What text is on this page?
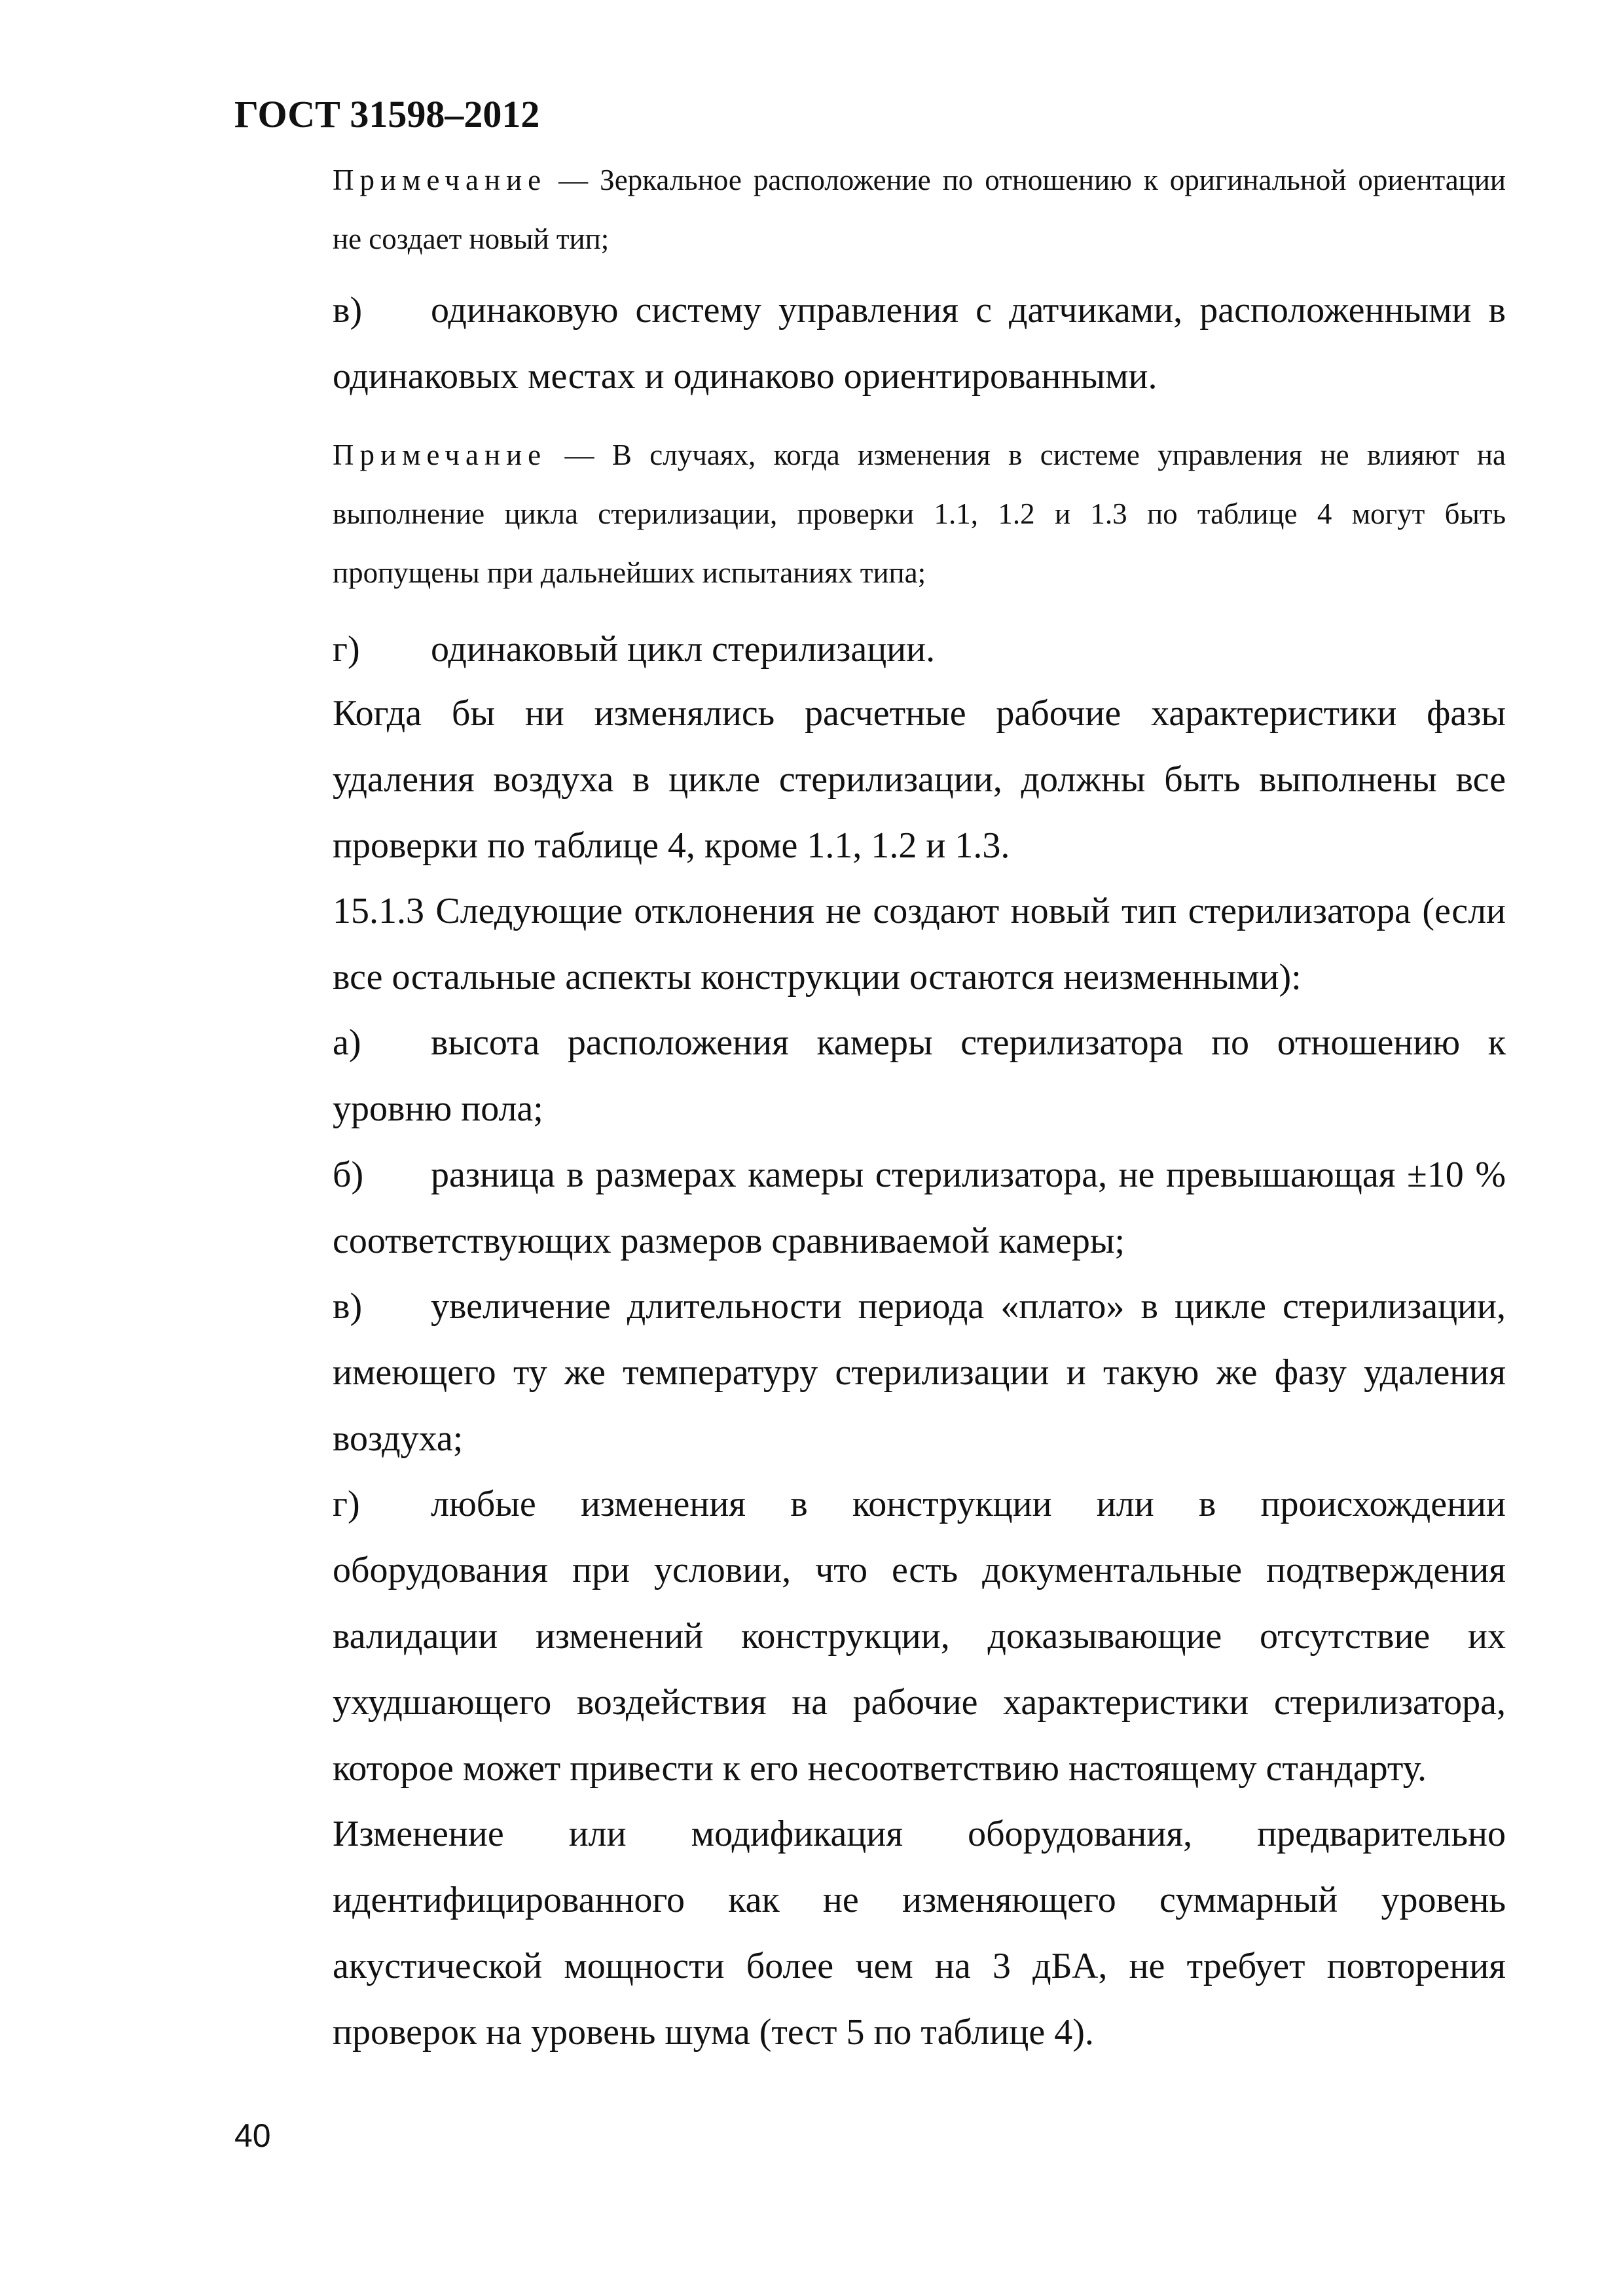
ГОСТ 31598–2012

Примечание — Зеркальное расположение по отношению к оригинальной ориентации не создает новый тип;

в) одинаковую систему управления с датчиками, расположенными в одинаковых местах и одинаково ориентированными.

Примечание — В случаях, когда изменения в системе управления не влияют на выполнение цикла стерилизации, проверки 1.1, 1.2 и 1.3 по таблице 4 могут быть пропущены при дальнейших испытаниях типа;

г) одинаковый цикл стерилизации.

Когда бы ни изменялись расчетные рабочие характеристики фазы удаления воздуха в цикле стерилизации, должны быть выполнены все проверки по таблице 4, кроме 1.1, 1.2 и 1.3.

15.1.3 Следующие отклонения не создают новый тип стерилизатора (если все остальные аспекты конструкции остаются неизменными):

а) высота расположения камеры стерилизатора по отношению к уровню пола;

б) разница в размерах камеры стерилизатора, не превышающая ±10 % соответствующих размеров сравниваемой камеры;

в) увеличение длительности периода «плато» в цикле стерилизации, имеющего ту же температуру стерилизации и такую же фазу удаления воздуха;

г) любые изменения в конструкции или в происхождении оборудования при условии, что есть документальные подтверждения валидации изменений конструкции, доказывающие отсутствие их ухудшающего воздействия на рабочие характеристики стерилизатора, которое может привести к его несоответствию настоящему стандарту.

Изменение или модификация оборудования, предварительно идентифицированного как не изменяющего суммарный уровень акустической мощности более чем на 3 дБА, не требует повторения проверок на уровень шума (тест 5 по таблице 4).

40
